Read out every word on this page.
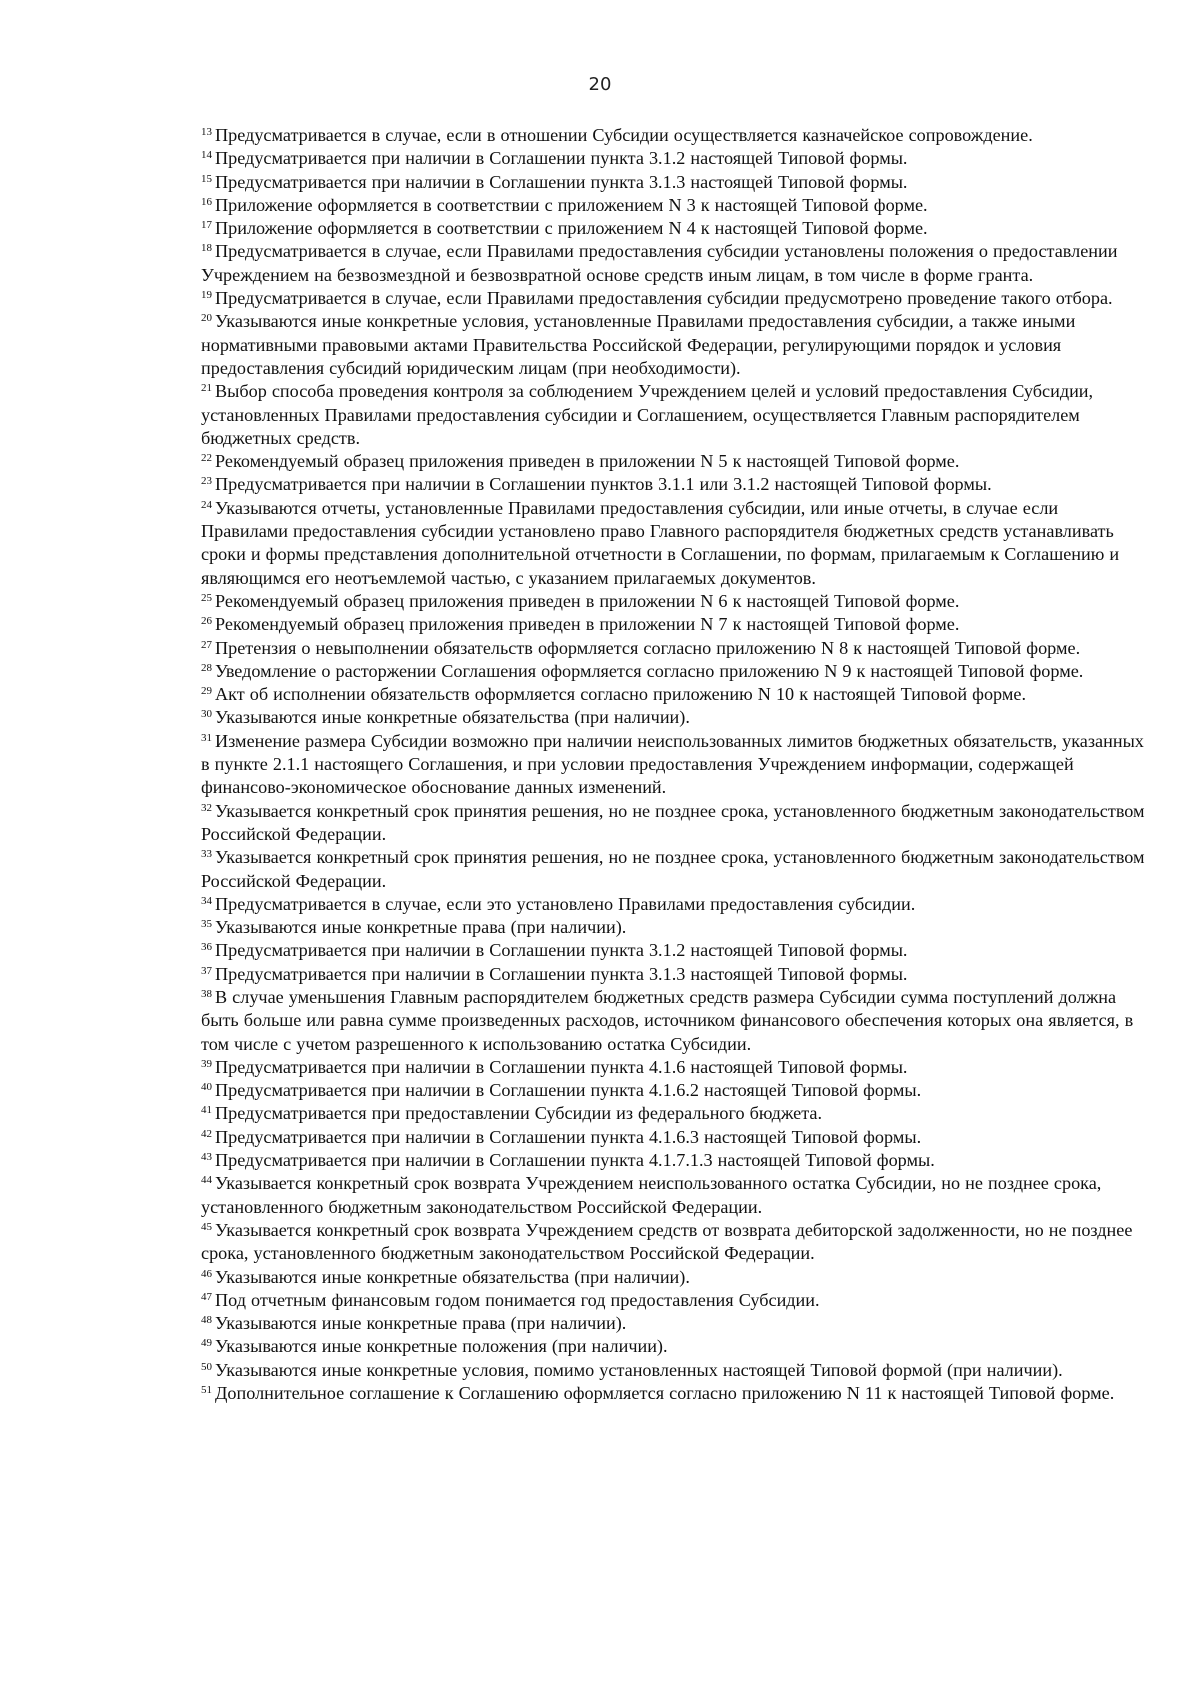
20

$^{13}$ Предусматривается в случае, если в отношении Субсидии осуществляется казначейское сопровождение.

$^{14}$ Предусматривается при наличии в Соглашении пункта 3.1.2 настоящей Типовой формы.

$^{15}$ Предусматривается при наличии в Соглашении пункта 3.1.3 настоящей Типовой формы.

$^{16}$ Приложение оформляется в соответствии с приложением N 3 к настоящей Типовой форме.

$^{17}$ Приложение оформляется в соответствии с приложением N 4 к настоящей Типовой форме.

$^{18}$ Предусматривается в случае, если Правилами предоставления субсидии установлены положения о предоставлении Учреждением на безвозмездной и безвозвратной основе средств иным лицам, в том числе в форме гранта.

$^{19}$ Предусматривается в случае, если Правилами предоставления субсидии предусмотрено проведение такого отбора.

$^{20}$ Указываются иные конкретные условия, установленные Правилами предоставления субсидии, а также иными нормативными правовыми актами Правительства Российской Федерации, регулирующими порядок и условия предоставления субсидий юридическим лицам (при необходимости).

$^{21}$ Выбор способа проведения контроля за соблюдением Учреждением целей и условий предоставления Субсидии, установленных Правилами предоставления субсидии и Соглашением, осуществляется Главным распорядителем бюджетных средств.

$^{22}$ Рекомендуемый образец приложения приведен в приложении N 5 к настоящей Типовой форме.

$^{23}$ Предусматривается при наличии в Соглашении пунктов 3.1.1 или 3.1.2 настоящей Типовой формы.

$^{24}$ Указываются отчеты, установленные Правилами предоставления субсидии, или иные отчеты, в случае если Правилами предоставления субсидии установлено право Главного распорядителя бюджетных средств устанавливать сроки и формы представления дополнительной отчетности в Соглашении, по формам, прилагаемым к Соглашению и являющимся его неотъемлемой частью, с указанием прилагаемых документов.

$^{25}$ Рекомендуемый образец приложения приведен в приложении N 6 к настоящей Типовой форме.

$^{26}$ Рекомендуемый образец приложения приведен в приложении N 7 к настоящей Типовой форме.

$^{27}$ Претензия о невыполнении обязательств оформляется согласно приложению N 8 к настоящей Типовой форме.

$^{28}$ Уведомление о расторжении Соглашения оформляется согласно приложению N 9 к настоящей Типовой форме.

$^{29}$ Акт об исполнении обязательств оформляется согласно приложению N 10 к настоящей Типовой форме.

$^{30}$ Указываются иные конкретные обязательства (при наличии).

$^{31}$ Изменение размера Субсидии возможно при наличии неиспользованных лимитов бюджетных обязательств, указанных в пункте 2.1.1 настоящего Соглашения, и при условии предоставления Учреждением информации, содержащей финансово-экономическое обоснование данных изменений.

$^{32}$ Указывается конкретный срок принятия решения, но не позднее срока, установленного бюджетным законодательством Российской Федерации.

$^{33}$ Указывается конкретный срок принятия решения, но не позднее срока, установленного бюджетным законодательством Российской Федерации.

$^{34}$ Предусматривается в случае, если это установлено Правилами предоставления субсидии.

$^{35}$ Указываются иные конкретные права (при наличии).

$^{36}$ Предусматривается при наличии в Соглашении пункта 3.1.2 настоящей Типовой формы.

$^{37}$ Предусматривается при наличии в Соглашении пункта 3.1.3 настоящей Типовой формы.

$^{38}$ В случае уменьшения Главным распорядителем бюджетных средств размера Субсидии сумма поступлений должна быть больше или равна сумме произведенных расходов, источником финансового обеспечения которых она является, в том числе с учетом разрешенного к использованию остатка Субсидии.

$^{39}$ Предусматривается при наличии в Соглашении пункта 4.1.6 настоящей Типовой формы.

$^{40}$ Предусматривается при наличии в Соглашении пункта 4.1.6.2 настоящей Типовой формы.

$^{41}$ Предусматривается при предоставлении Субсидии из федерального бюджета.

$^{42}$ Предусматривается при наличии в Соглашении пункта 4.1.6.3 настоящей Типовой формы.

$^{43}$ Предусматривается при наличии в Соглашении пункта 4.1.7.1.3 настоящей Типовой формы.

$^{44}$ Указывается конкретный срок возврата Учреждением неиспользованного остатка Субсидии, но не позднее срока, установленного бюджетным законодательством Российской Федерации.

$^{45}$ Указывается конкретный срок возврата Учреждением средств от возврата дебиторской задолженности, но не позднее срока, установленного бюджетным законодательством Российской Федерации.

$^{46}$ Указываются иные конкретные обязательства (при наличии).

$^{47}$ Под отчетным финансовым годом понимается год предоставления Субсидии.

$^{48}$ Указываются иные конкретные права (при наличии).

$^{49}$ Указываются иные конкретные положения (при наличии).

$^{50}$ Указываются иные конкретные условия, помимо установленных настоящей Типовой формой (при наличии).

$^{51}$ Дополнительное соглашение к Соглашению оформляется согласно приложению N 11 к настоящей Типовой форме.
